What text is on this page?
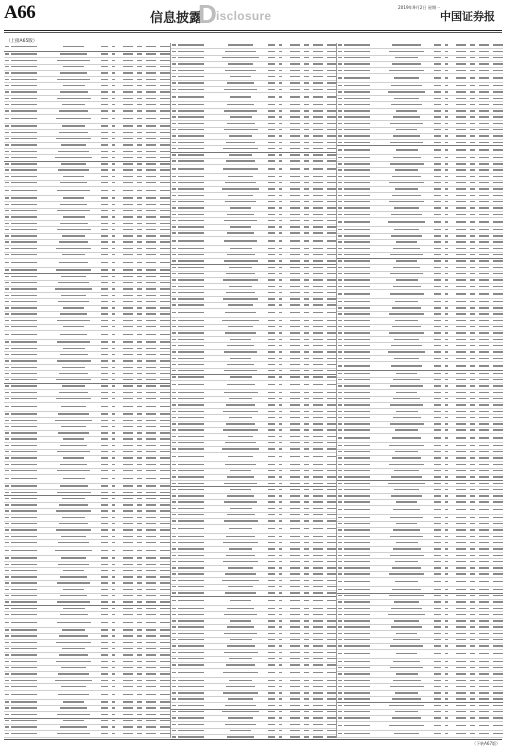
A66	信息披露
D isclosure
2019年9月2日 星期一
中国证券报
（上接A65版）
（下转A67版）
